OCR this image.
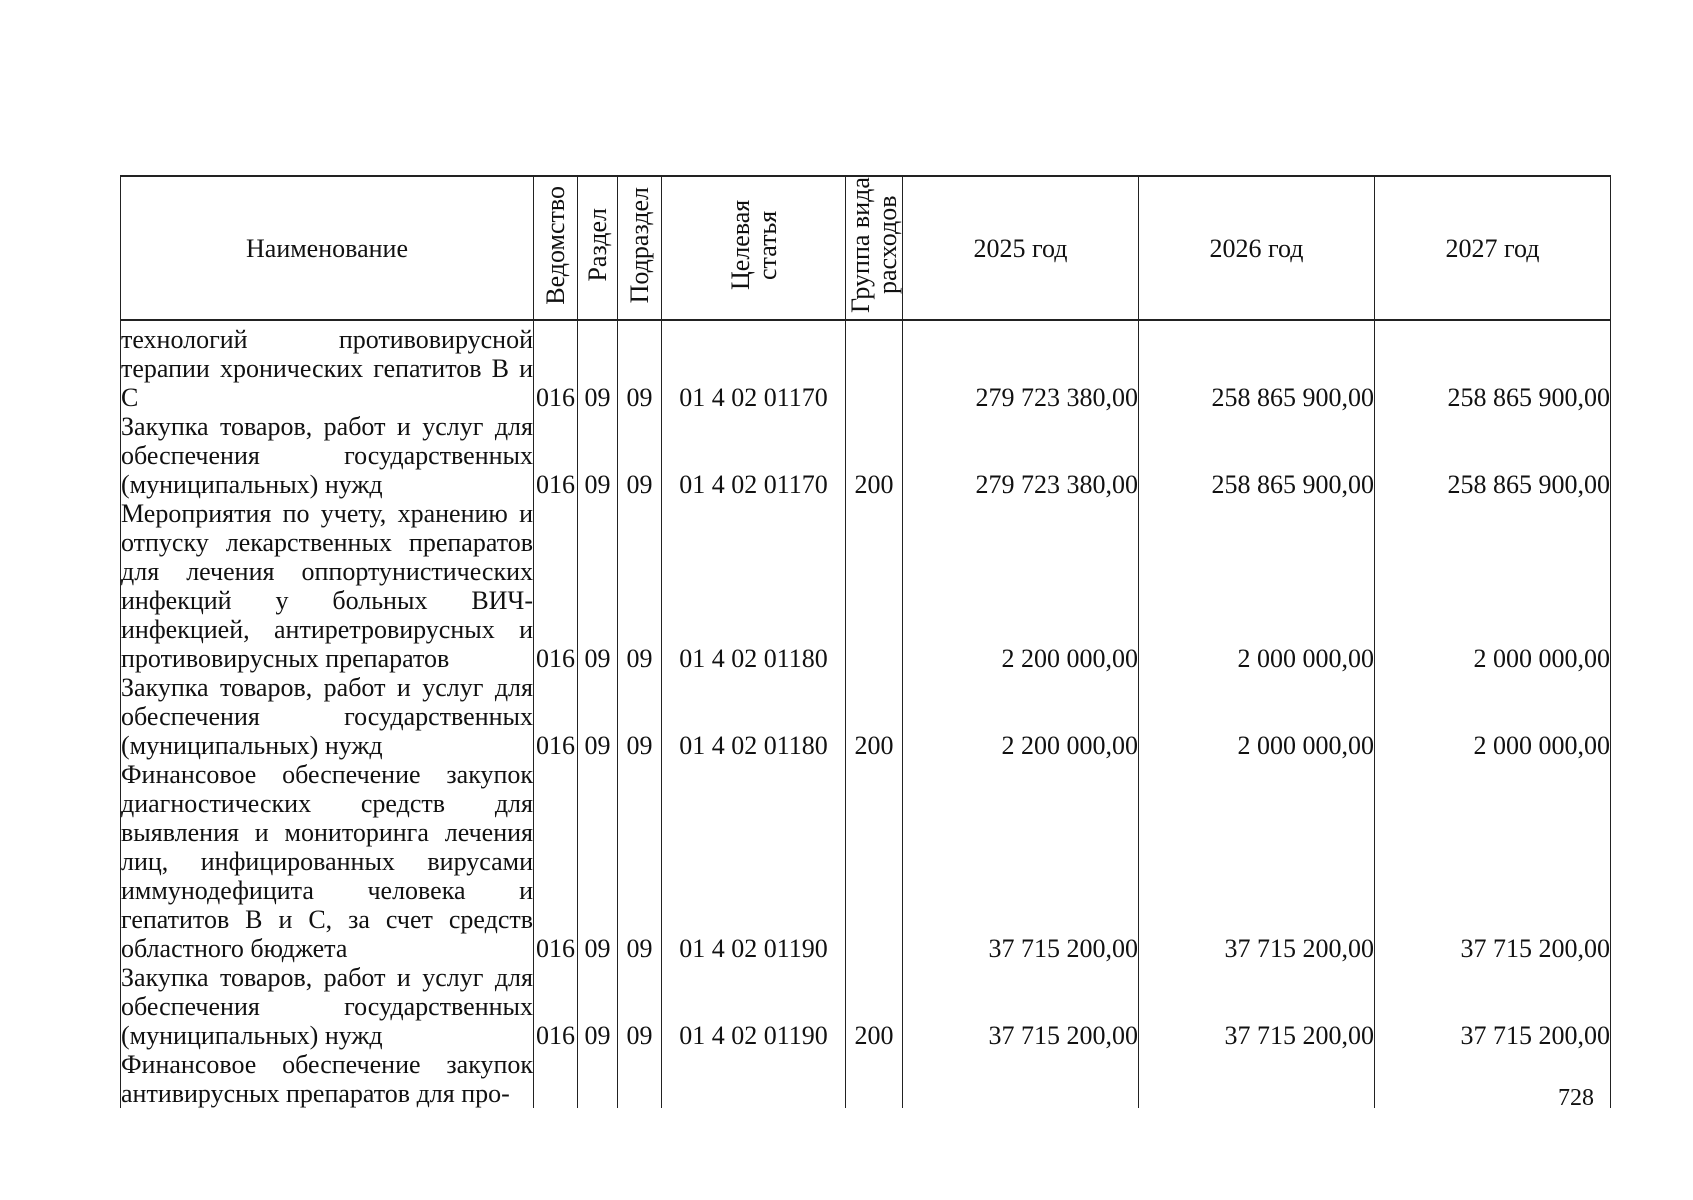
Наименование	Ведомство	Раздел	Подраздел	Целевая статья	Группа вида расходов	2025 год	2026 год	2027 год
технологий противовирусной терапии хронических гепатитов В и С	016	09	09	01 4 02 01170		279 723 380,00	258 865 900,00	258 865 900,00
Закупка товаров, работ и услуг для обеспечения государственных (муниципальных) нужд	016	09	09	01 4 02 01170	200	279 723 380,00	258 865 900,00	258 865 900,00
Мероприятия по учету, хранению и отпуску лекарственных препаратов для лечения оппортунистических инфекций у больных ВИЧ-инфекцией, антиретровирусных и противовирусных препаратов	016	09	09	01 4 02 01180		2 200 000,00	2 000 000,00	2 000 000,00
Закупка товаров, работ и услуг для обеспечения государственных (муниципальных) нужд	016	09	09	01 4 02 01180	200	2 200 000,00	2 000 000,00	2 000 000,00
Финансовое обеспечение закупок диагностических средств для выявления и мониторинга лечения лиц, инфицированных вирусами иммунодефицита человека и гепатитов В и С, за счет средств областного бюджета	016	09	09	01 4 02 01190		37 715 200,00	37 715 200,00	37 715 200,00
Закупка товаров, работ и услуг для обеспечения государственных (муниципальных) нужд	016	09	09	01 4 02 01190	200	37 715 200,00	37 715 200,00	37 715 200,00
Финансовое обеспечение закупок антивирусных препаратов для про-									728
